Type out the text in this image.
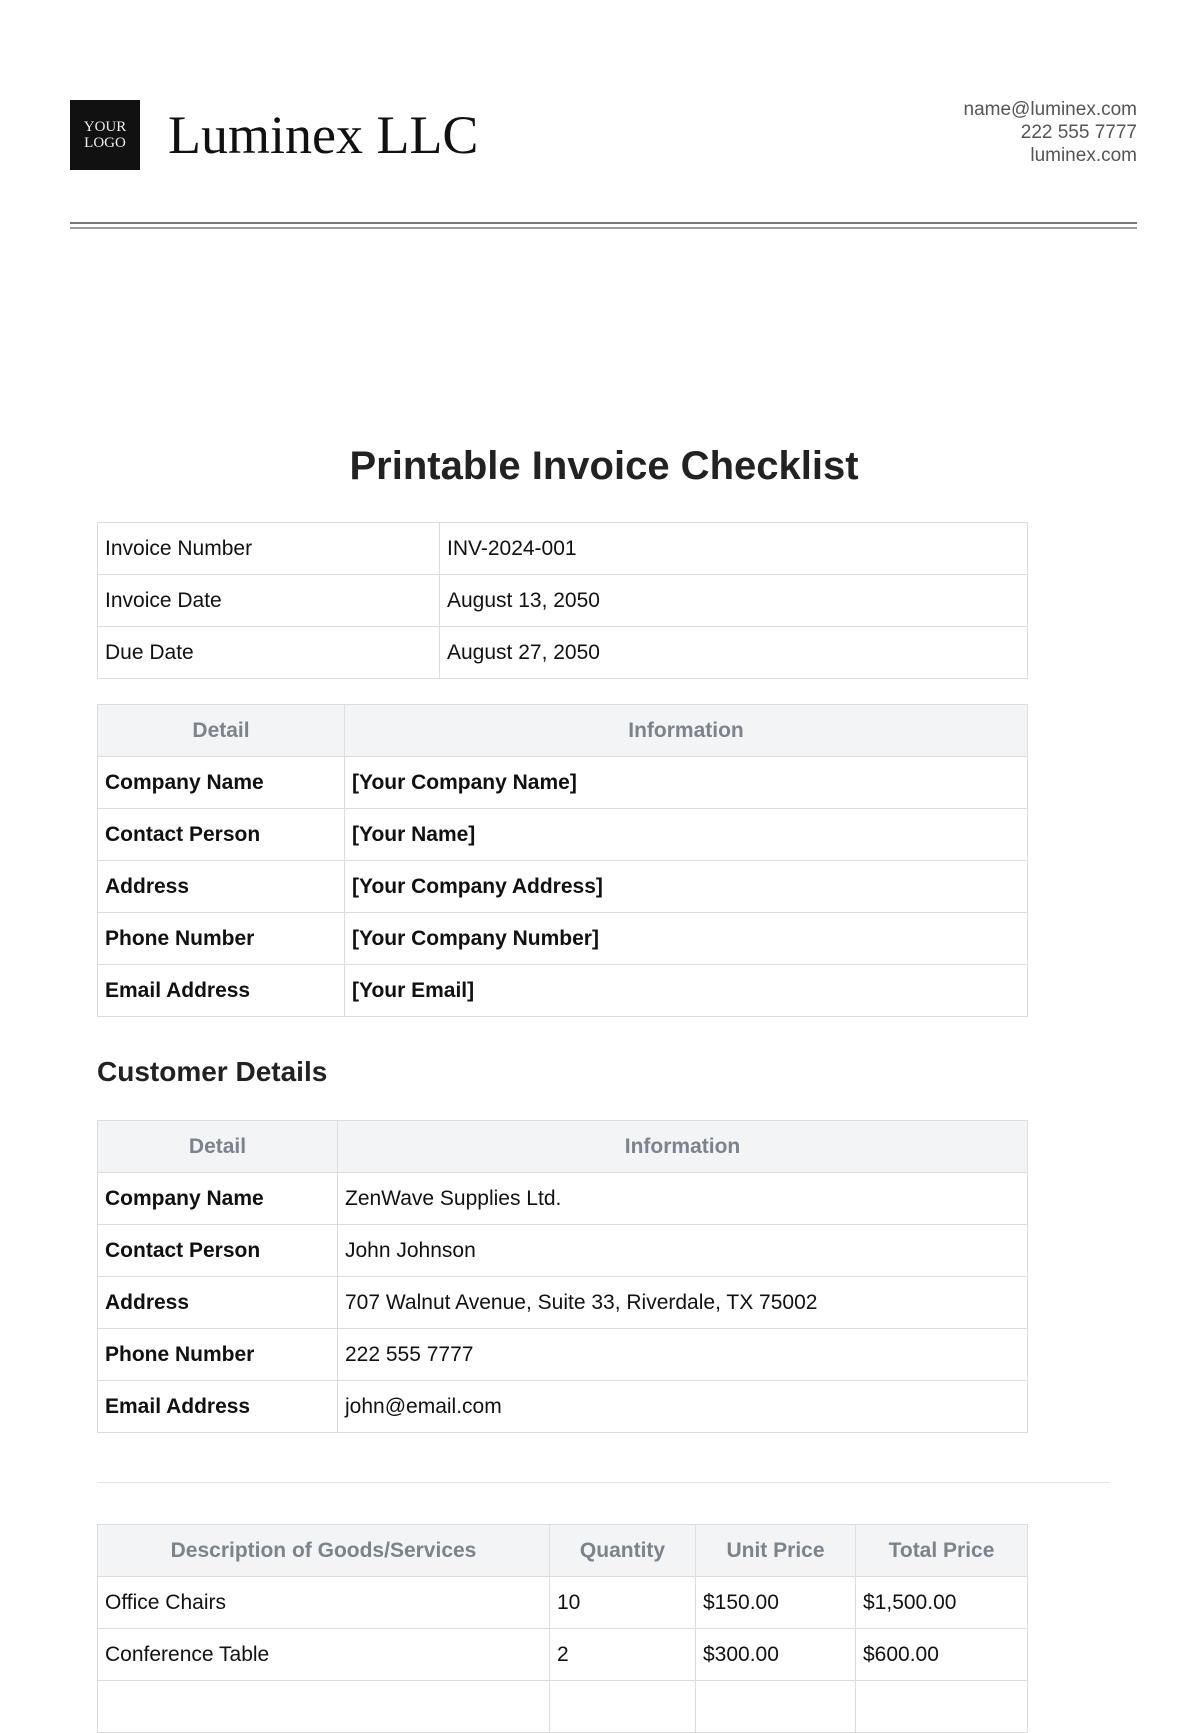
YOUR
LOGO Luminex LLC	name@luminex.com
222 555 7777
luminex.com
Printable Invoice Checklist
Invoice Number	INV-2024-001
Invoice Date	August 13, 2050
Due Date	August 27, 2050
Detail	Information
Company Name	[Your Company Name]
Contact Person	[Your Name]
Address	[Your Company Address]
Phone Number	[Your Company Number]
Email Address	[Your Email]
Customer Details
Detail	Information
Company Name	ZenWave Supplies Ltd.
Contact Person	John Johnson
Address	707 Walnut Avenue, Suite 33, Riverdale, TX 75002
Phone Number	222 555 7777
Email Address	john@email.com
Description of Goods/Services	Quantity	Unit Price	Total Price
Office Chairs	10	$150.00	$1,500.00
Conference Table	2	$300.00	$600.00
